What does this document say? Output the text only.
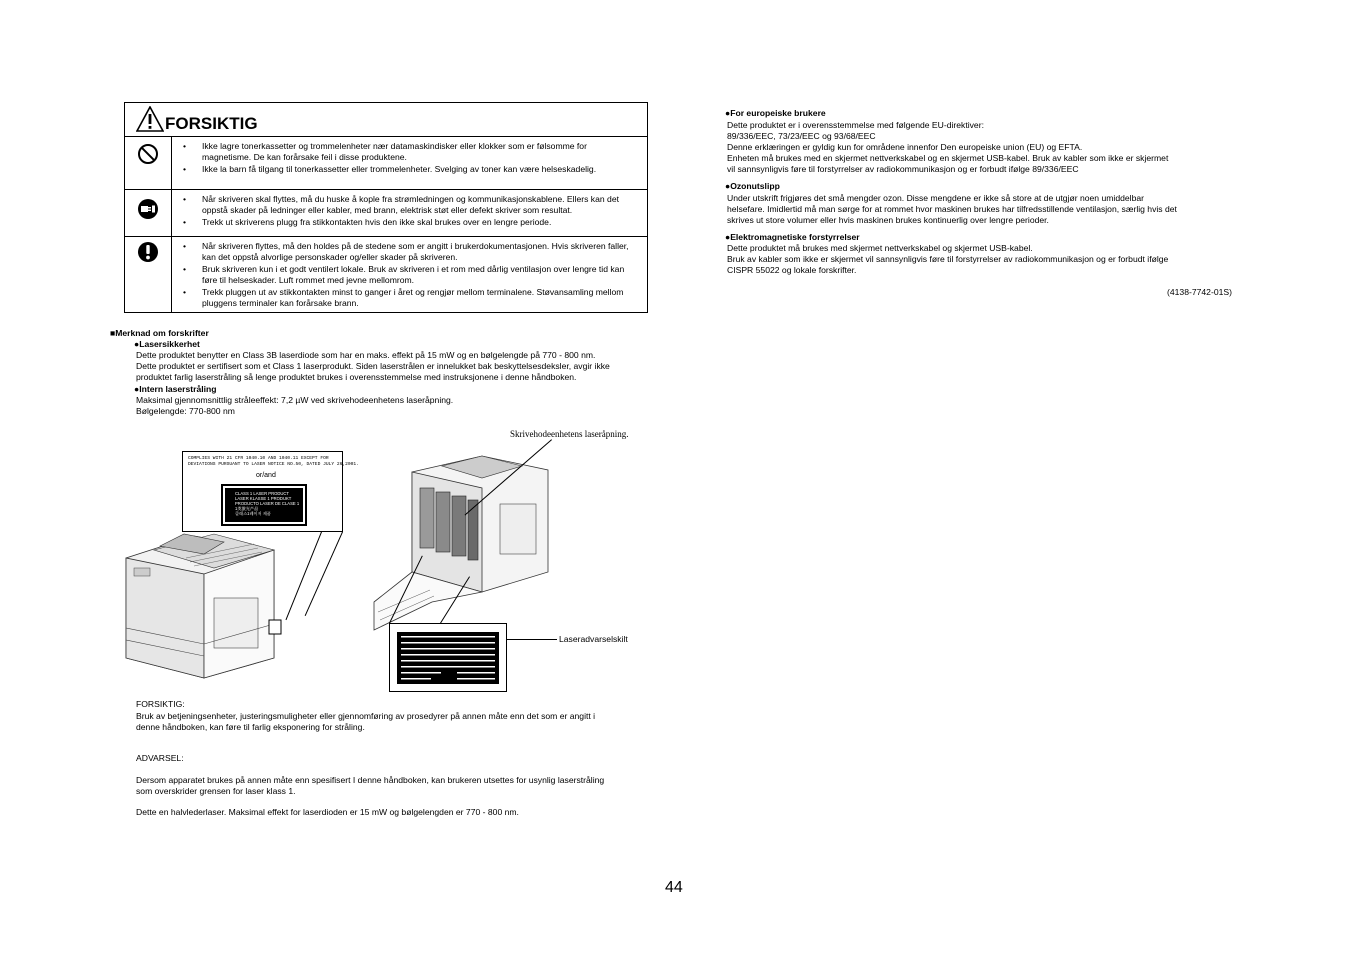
FORSIKTIG
• Ikke lagre tonerkassetter og trommelenheter nær datamaskindisker eller klokker som er følsomme for magnetisme. De kan forårsake feil i disse produktene.
• Ikke la barn få tilgang til tonerkassetter eller trommelenheter. Svelging av toner kan være helseskadelig.
• Når skriveren skal flyttes, må du huske å kople fra strømledningen og kommunikasjonskablene. Ellers kan det oppstå skader på ledninger eller kabler, med brann, elektrisk støt eller defekt skriver som resultat.
• Trekk ut skriverens plugg fra stikkontakten hvis den ikke skal brukes over en lengre periode.
• Når skriveren flyttes, må den holdes på de stedene som er angitt i brukerdokumentasjonen. Hvis skriveren faller, kan det oppstå alvorlige personskader og/eller skader på skriveren.
• Bruk skriveren kun i et godt ventilert lokale. Bruk av skriveren i et rom med dårlig ventilasjon over lengre tid kan føre til helseskader. Luft rommet med jevne mellomrom.
• Trekk pluggen ut av stikkontakten minst to ganger i året og rengjør mellom terminalene. Støvansamling mellom pluggens terminaler kan forårsake brann.
■Merknad om forskrifter
●Lasersikkerhet
Dette produktet benytter en Class 3B laserdiode som har en maks. effekt på 15 mW og en bølgelengde på 770 - 800 nm.
Dette produktet er sertifisert som et Class 1 laserprodukt. Siden laserstrålen er innelukket bak beskyttelsesdeksler, avgir ikke
produktet farlig laserstråling så lenge produktet brukes i overensstemmelse med instruksjonene i denne håndboken.
●Intern laserstråling
Maksimal gjennomsnittlig stråleeffekt: 7,2 µW ved skrivehodeenhetens laseråpning.
Bølgelengde: 770-800 nm
Skrivehodeenhetens laseråpning.
COMPLIES WITH 21 CFR 1040.10 AND 1040.11 EXCEPT FOR
DEVIATIONS PURSUANT TO LASER NOTICE NO.50, DATED JULY 26,2001.
or/and
CLASS 1 LASER PRODUCT
LASER KLASSE 1 PRODUKT
PRODUCTO LASER DE CLASE 1
1类激光产品
클래스1레이저 제품
Laseradvarselskilt
FORSIKTIG:
Bruk av betjeningsenheter, justeringsmuligheter eller gjennomføring av prosedyrer på annen måte enn det som er angitt i
denne håndboken, kan føre til farlig eksponering for stråling.
ADVARSEL:
Dersom apparatet brukes på annen måte enn spesifisert I denne håndboken, kan brukeren utsettes for usynlig laserstråling
som overskrider grensen for laser klass 1.
Dette en halvlederlaser. Maksimal effekt for laserdioden er 15 mW og bølgelengden er 770 - 800 nm.
●For europeiske brukere
Dette produktet er i overensstemmelse med følgende EU-direktiver:
89/336/EEC, 73/23/EEC og 93/68/EEC
Denne erklæringen er gyldig kun for områdene innenfor Den europeiske union (EU) og EFTA.
Enheten må brukes med en skjermet nettverkskabel og en skjermet USB-kabel. Bruk av kabler som ikke er skjermet
vil sannsynligvis føre til forstyrrelser av radiokommunikasjon og er forbudt ifølge 89/336/EEC
●Ozonutslipp
Under utskrift frigjøres det små mengder ozon. Disse mengdene er ikke så store at de utgjør noen umiddelbar
helsefare. Imidlertid må man sørge for at rommet hvor maskinen brukes har tilfredsstillende ventilasjon, særlig hvis det
skrives ut store volumer eller hvis maskinen brukes kontinuerlig over lengre perioder.
●Elektromagnetiske forstyrrelser
Dette produktet må brukes med skjermet nettverkskabel og skjermet USB-kabel.
Bruk av kabler som ikke er skjermet vil sannsynligvis føre til forstyrrelser av radiokommunikasjon og er forbudt ifølge
CISPR 55022 og lokale forskrifter.
(4138-7742-01S)
44
